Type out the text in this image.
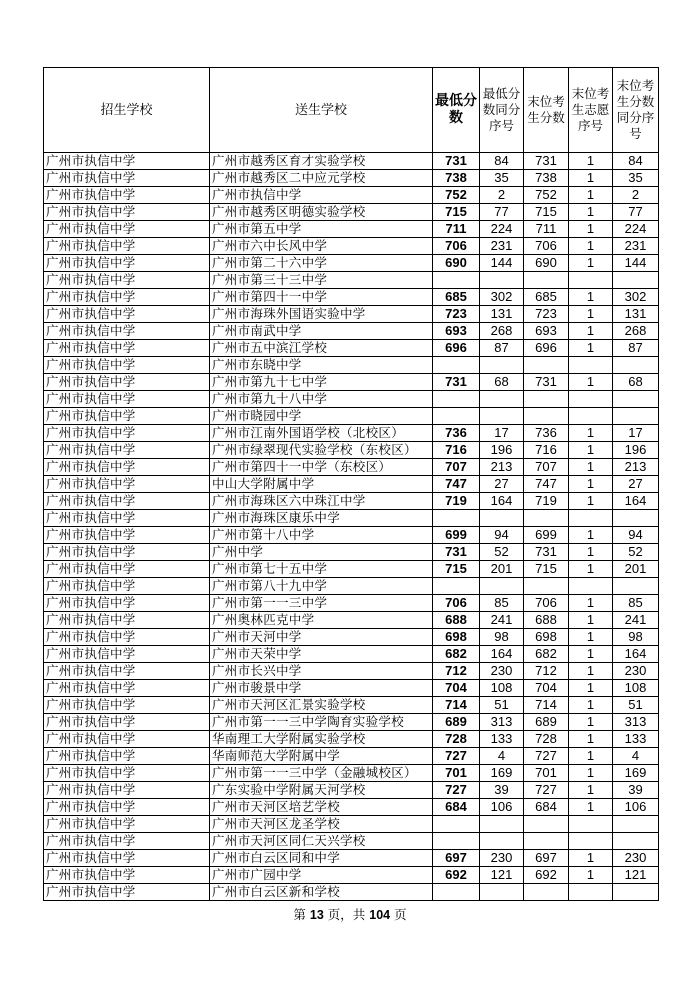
招生学校	送生学校	最低分数	最低分数同分序号	末位考生分数	末位考生志愿序号	末位考生分数同分序号
广州市执信中学	广州市越秀区育才实验学校	731	84	731	1	84
广州市执信中学	广州市越秀区二中应元学校	738	35	738	1	35
广州市执信中学	广州市执信中学	752	2	752	1	2
广州市执信中学	广州市越秀区明德实验学校	715	77	715	1	77
广州市执信中学	广州市第五中学	711	224	711	1	224
广州市执信中学	广州市六中长风中学	706	231	706	1	231
广州市执信中学	广州市第二十六中学	690	144	690	1	144
广州市执信中学	广州市第三十三中学					
广州市执信中学	广州市第四十一中学	685	302	685	1	302
广州市执信中学	广州市海珠外国语实验中学	723	131	723	1	131
广州市执信中学	广州市南武中学	693	268	693	1	268
广州市执信中学	广州市五中滨江学校	696	87	696	1	87
广州市执信中学	广州市东晓中学					
广州市执信中学	广州市第九十七中学	731	68	731	1	68
广州市执信中学	广州市第九十八中学					
广州市执信中学	广州市晓园中学					
广州市执信中学	广州市江南外国语学校（北校区）	736	17	736	1	17
广州市执信中学	广州市绿翠现代实验学校（东校区）	716	196	716	1	196
广州市执信中学	广州市第四十一中学（东校区）	707	213	707	1	213
广州市执信中学	中山大学附属中学	747	27	747	1	27
广州市执信中学	广州市海珠区六中珠江中学	719	164	719	1	164
广州市执信中学	广州市海珠区康乐中学					
广州市执信中学	广州市第十八中学	699	94	699	1	94
广州市执信中学	广州中学	731	52	731	1	52
广州市执信中学	广州市第七十五中学	715	201	715	1	201
广州市执信中学	广州市第八十九中学					
广州市执信中学	广州市第一一三中学	706	85	706	1	85
广州市执信中学	广州奥林匹克中学	688	241	688	1	241
广州市执信中学	广州市天河中学	698	98	698	1	98
广州市执信中学	广州市天荣中学	682	164	682	1	164
广州市执信中学	广州市长兴中学	712	230	712	1	230
广州市执信中学	广州市骏景中学	704	108	704	1	108
广州市执信中学	广州市天河区汇景实验学校	714	51	714	1	51
广州市执信中学	广州市第一一三中学陶育实验学校	689	313	689	1	313
广州市执信中学	华南理工大学附属实验学校	728	133	728	1	133
广州市执信中学	华南师范大学附属中学	727	4	727	1	4
广州市执信中学	广州市第一一三中学（金融城校区）	701	169	701	1	169
广州市执信中学	广东实验中学附属天河学校	727	39	727	1	39
广州市执信中学	广州市天河区培艺学校	684	106	684	1	106
广州市执信中学	广州市天河区龙圣学校					
广州市执信中学	广州市天河区同仁天兴学校					
广州市执信中学	广州市白云区同和中学	697	230	697	1	230
广州市执信中学	广州市广园中学	692	121	692	1	121
广州市执信中学	广州市白云区新和学校					
第 13 页，共 104 页
